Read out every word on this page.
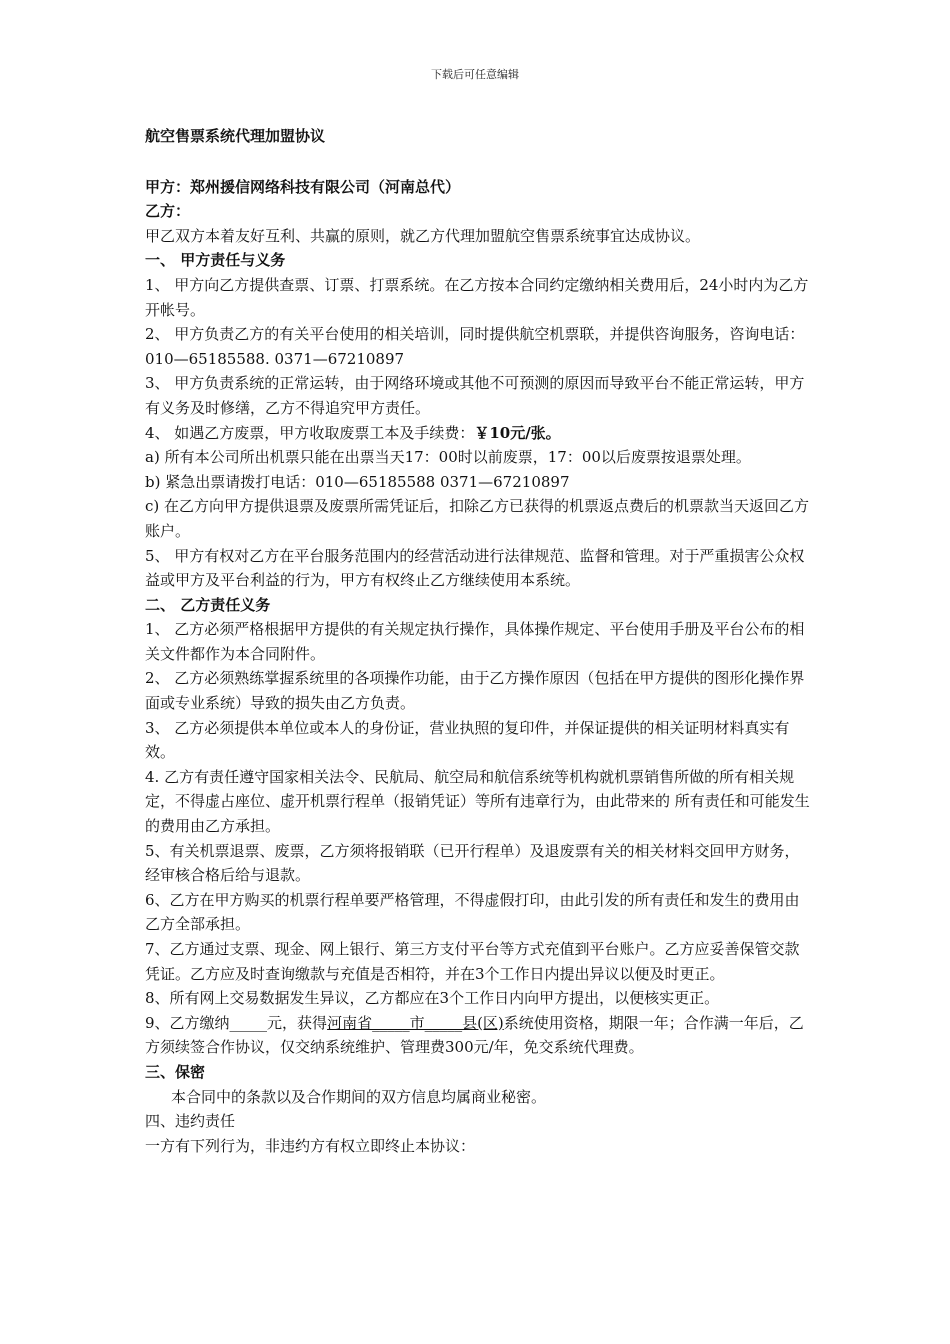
下载后可任意编辑

航空售票系统代理加盟协议

甲方：郑州援信网络科技有限公司（河南总代）

乙方：

甲乙双方本着友好互利、共赢的原则，就乙方代理加盟航空售票系统事宜达成协议。

一、 甲方责任与义务

1、 甲方向乙方提供查票、订票、打票系统。在乙方按本合同约定缴纳相关费用后，24小时内为乙方开帐号。

2、 甲方负责乙方的有关平台使用的相关培训，同时提供航空机票联，并提供咨询服务，咨询电话：010—65185588. 0371—67210897

3、 甲方负责系统的正常运转，由于网络环境或其他不可预测的原因而导致平台不能正常运转，甲方有义务及时修缮，乙方不得追究甲方责任。

4、 如遇乙方废票，甲方收取废票工本及手续费：￥10元/张。

a) 所有本公司所出机票只能在出票当天17：00时以前废票，17：00以后废票按退票处理。

b) 紧急出票请拨打电话：010—65185588 0371—67210897

c) 在乙方向甲方提供退票及废票所需凭证后，扣除乙方已获得的机票返点费后的机票款当天返回乙方账户。

5、 甲方有权对乙方在平台服务范围内的经营活动进行法律规范、监督和管理。对于严重损害公众权益或甲方及平台利益的行为，甲方有权终止乙方继续使用本系统。

二、 乙方责任义务

1、 乙方必须严格根据甲方提供的有关规定执行操作，具体操作规定、平台使用手册及平台公布的相关文件都作为本合同附件。

2、 乙方必须熟练掌握系统里的各项操作功能，由于乙方操作原因（包括在甲方提供的图形化操作界面或专业系统）导致的损失由乙方负责。

3、 乙方必须提供本单位或本人的身份证，营业执照的复印件，并保证提供的相关证明材料真实有效。

4. 乙方有责任遵守国家相关法令、民航局、航空局和航信系统等机构就机票销售所做的所有相关规定，不得虚占座位、虚开机票行程单（报销凭证）等所有违章行为，由此带来的 所有责任和可能发生的费用由乙方承担。

5、有关机票退票、废票，乙方须将报销联（已开行程单）及退废票有关的相关材料交回甲方财务，经审核合格后给与退款。

6、乙方在甲方购买的机票行程单要严格管理，不得虚假打印，由此引发的所有责任和发生的费用由乙方全部承担。

7、乙方通过支票、现金、网上银行、第三方支付平台等方式充值到平台账户。乙方应妥善保管交款凭证。乙方应及时查询缴款与充值是否相符，并在3个工作日内提出异议以便及时更正。

8、所有网上交易数据发生异议，乙方都应在3个工作日内向甲方提出，以便核实更正。

9、乙方缴纳_____元，获得河南省_____市_____县(区)系统使用资格，期限一年；合作满一年后，乙方须续签合作协议，仅交纳系统维护、管理费300元/年，免交系统代理费。

三、保密

本合同中的条款以及合作期间的双方信息均属商业秘密。

四、违约责任

一方有下列行为，非违约方有权立即终止本协议：
